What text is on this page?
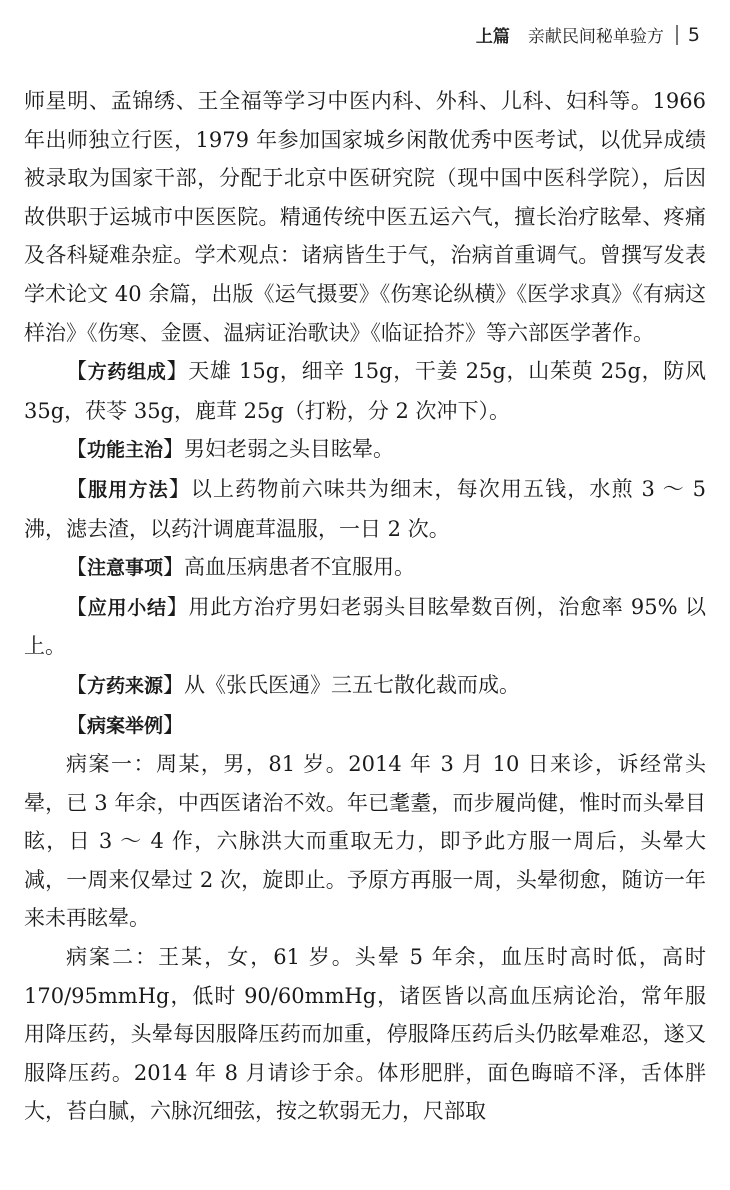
上篇 亲献民间秘单验方 5

师星明、孟锦绣、王全福等学习中医内科、外科、儿科、妇科等。1966 年出师独立行医，1979 年参加国家城乡闲散优秀中医考试，以优异成绩被录取为国家干部，分配于北京中医研究院（现中国中医科学院），后因故供职于运城市中医医院。精通传统中医五运六气，擅长治疗眩晕、疼痛及各科疑难杂症。学术观点：诸病皆生于气，治病首重调气。曾撰写发表学术论文 40 余篇，出版《运气摄要》《伤寒论纵横》《医学求真》《有病这样治》《伤寒、金匮、温病证治歌诀》《临证拾芥》等六部医学著作。

【方药组成】天雄 15g，细辛 15g，干姜 25g，山茱萸 25g，防风 35g，茯苓 35g，鹿茸 25g（打粉，分 2 次冲下）。

【功能主治】男妇老弱之头目眩晕。

【服用方法】以上药物前六味共为细末，每次用五钱，水煎 3 ～ 5 沸，滤去渣，以药汁调鹿茸温服，一日 2 次。

【注意事项】高血压病患者不宜服用。

【应用小结】用此方治疗男妇老弱头目眩晕数百例，治愈率 95% 以上。

【方药来源】从《张氏医通》三五七散化裁而成。

【病案举例】

病案一：周某，男，81 岁。2014 年 3 月 10 日来诊，诉经常头晕，已 3 年余，中西医诸治不效。年已耄耋，而步履尚健，惟时而头晕目眩，日 3 ～ 4 作，六脉洪大而重取无力，即予此方服一周后，头晕大减，一周来仅晕过 2 次，旋即止。予原方再服一周，头晕彻愈，随访一年来未再眩晕。

病案二：王某，女，61 岁。头晕 5 年余，血压时高时低，高时 170/95mmHg，低时 90/60mmHg，诸医皆以高血压病论治，常年服用降压药，头晕每因服降压药而加重，停服降压药后头仍眩晕难忍，遂又服降压药。2014 年 8 月请诊于余。体形肥胖，面色晦暗不泽，舌体胖大，苔白腻，六脉沉细弦，按之软弱无力，尺部取
